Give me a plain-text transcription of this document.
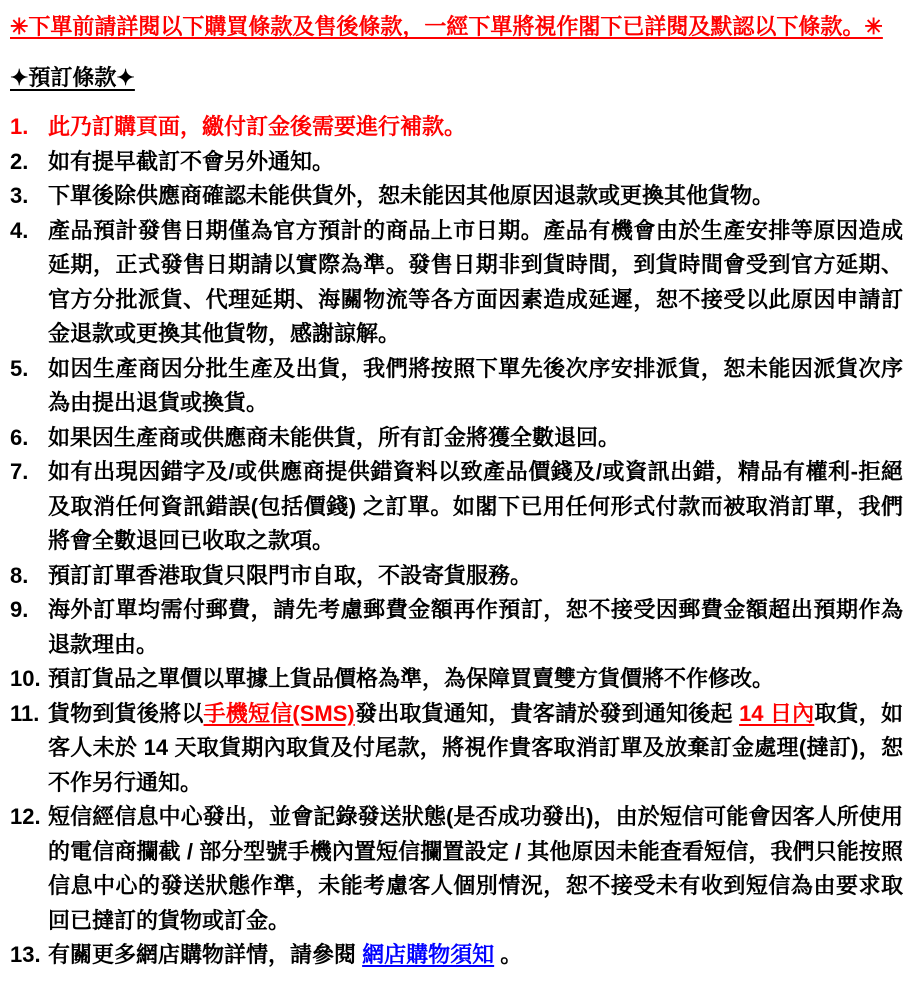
✳下單前請詳閱以下購買條款及售後條款，一經下單將視作閣下已詳閱及默認以下條款。✳

✦預訂條款✦
1. 此乃訂購頁面，繳付訂金後需要進行補款。
2. 如有提早截訂不會另外通知。
3. 下單後除供應商確認未能供貨外，恕未能因其他原因退款或更換其他貨物。
4. 產品預計發售日期僅為官方預計的商品上市日期。產品有機會由於生產安排等原因造成延期，正式發售日期請以實際為準。發售日期非到貨時間，到貨時間會受到官方延期、官方分批派貨、代理延期、海關物流等各方面因素造成延遲，恕不接受以此原因申請訂金退款或更換其他貨物，感謝諒解。
5. 如因生產商因分批生產及出貨，我們將按照下單先後次序安排派貨，恕未能因派貨次序為由提出退貨或換貨。
6. 如果因生產商或供應商未能供貨，所有訂金將獲全數退回。
7. 如有出現因錯字及/或供應商提供錯資料以致產品價錢及/或資訊出錯，精品有權利-拒絕及取消任何資訊錯誤(包括價錢) 之訂單。如閣下已用任何形式付款而被取消訂單，我們將會全數退回已收取之款項。
8. 預訂訂單香港取貨只限門市自取，不設寄貨服務。
9. 海外訂單均需付郵費，請先考慮郵費金額再作預訂，恕不接受因郵費金額超出預期作為退款理由。
10. 預訂貨品之單價以單據上貨品價格為準，為保障買賣雙方貨價將不作修改。
11. 貨物到貨後將以手機短信(SMS)發出取貨通知，貴客請於發到通知後起 14 日內取貨，如客人未於 14 天取貨期內取貨及付尾款，將視作貴客取消訂單及放棄訂金處理(撻訂)，恕不作另行通知。
12. 短信經信息中心發出，並會記錄發送狀態(是否成功發出)，由於短信可能會因客人所使用的電信商攔截 / 部分型號手機內置短信攔置設定 / 其他原因未能査看短信，我們只能按照信息中心的發送狀態作準，未能考慮客人個別情況，恕不接受未有收到短信為由要求取回已撻訂的貨物或訂金。
13. 有關更多網店購物詳情，請參閱 網店購物須知 。
